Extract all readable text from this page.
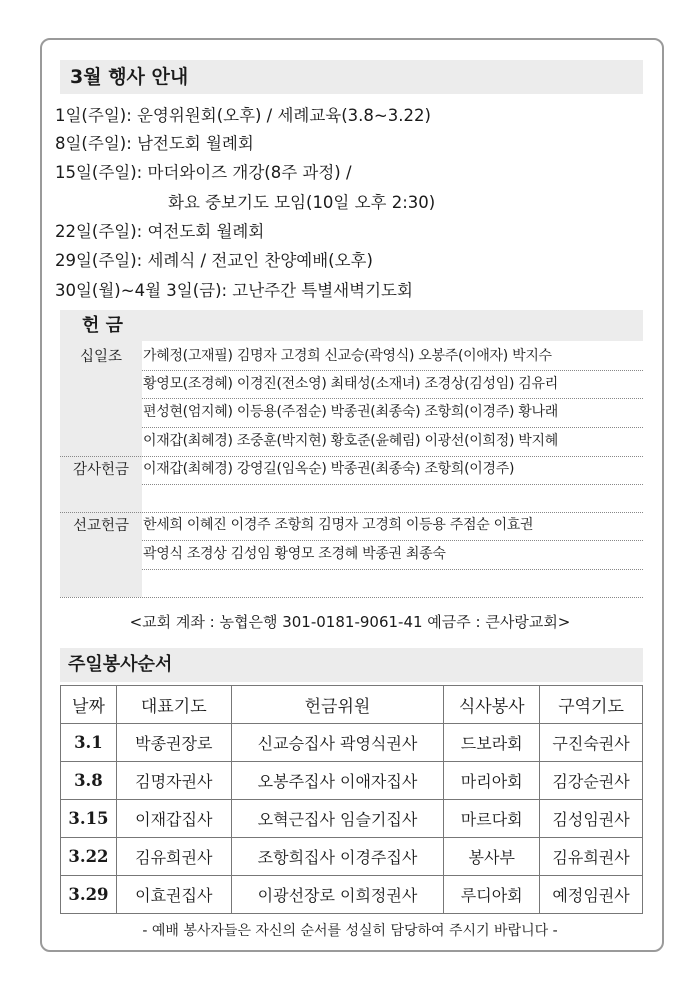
3월 행사 안내
1일(주일): 운영위원회(오후) / 세례교육(3.8~3.22)
8일(주일): 남전도회 월례회
15일(주일): 마더와이즈 개강(8주 과정) /
화요 중보기도 모임(10일 오후 2:30)
22일(주일): 여전도회 월례회
29일(주일): 세례식 / 전교인 찬양예배(오후)
30일(월)~4월 3일(금): 고난주간 특별새벽기도회
헌 금
십일조	가혜정(고재필) 김명자 고경희 신교승(곽영식) 오봉주(이애자) 박지수
황영모(조경혜) 이경진(전소영) 최태성(소재녀) 조경상(김성임) 김유리
편성현(엄지혜) 이등용(주점순) 박종권(최종숙) 조항희(이경주) 황나래
이재갑(최혜경) 조중훈(박지현) 황호준(윤혜림) 이광선(이희정) 박지혜
감사헌금 이재갑(최혜경) 강영길(임옥순) 박종권(최종숙) 조항희(이경주)
선교헌금 한세희 이혜진 이경주 조항희 김명자 고경희 이등용 주점순 이효권
곽영식 조경상 김성임 황영모 조경혜 박종권 최종숙
<교회 계좌 : 농협은행 301-0181-9061-41 예금주 : 큰사랑교회>
주일봉사순서
날짜	대표기도	헌금위원	식사봉사	구역기도
3.1	박종권장로	신교승집사 곽영식권사	드보라회	구진숙권사
3.8	김명자권사	오봉주집사 이애자집사	마리아회	김강순권사
3.15	이재갑집사	오혁근집사 임슬기집사	마르다회	김성임권사
3.22	김유희권사	조항희집사 이경주집사	봉사부	김유희권사
3.29	이효권집사	이광선장로 이희정권사	루디아회	예정임권사
- 예배 봉사자들은 자신의 순서를 성실히 담당하여 주시기 바랍니다 -
